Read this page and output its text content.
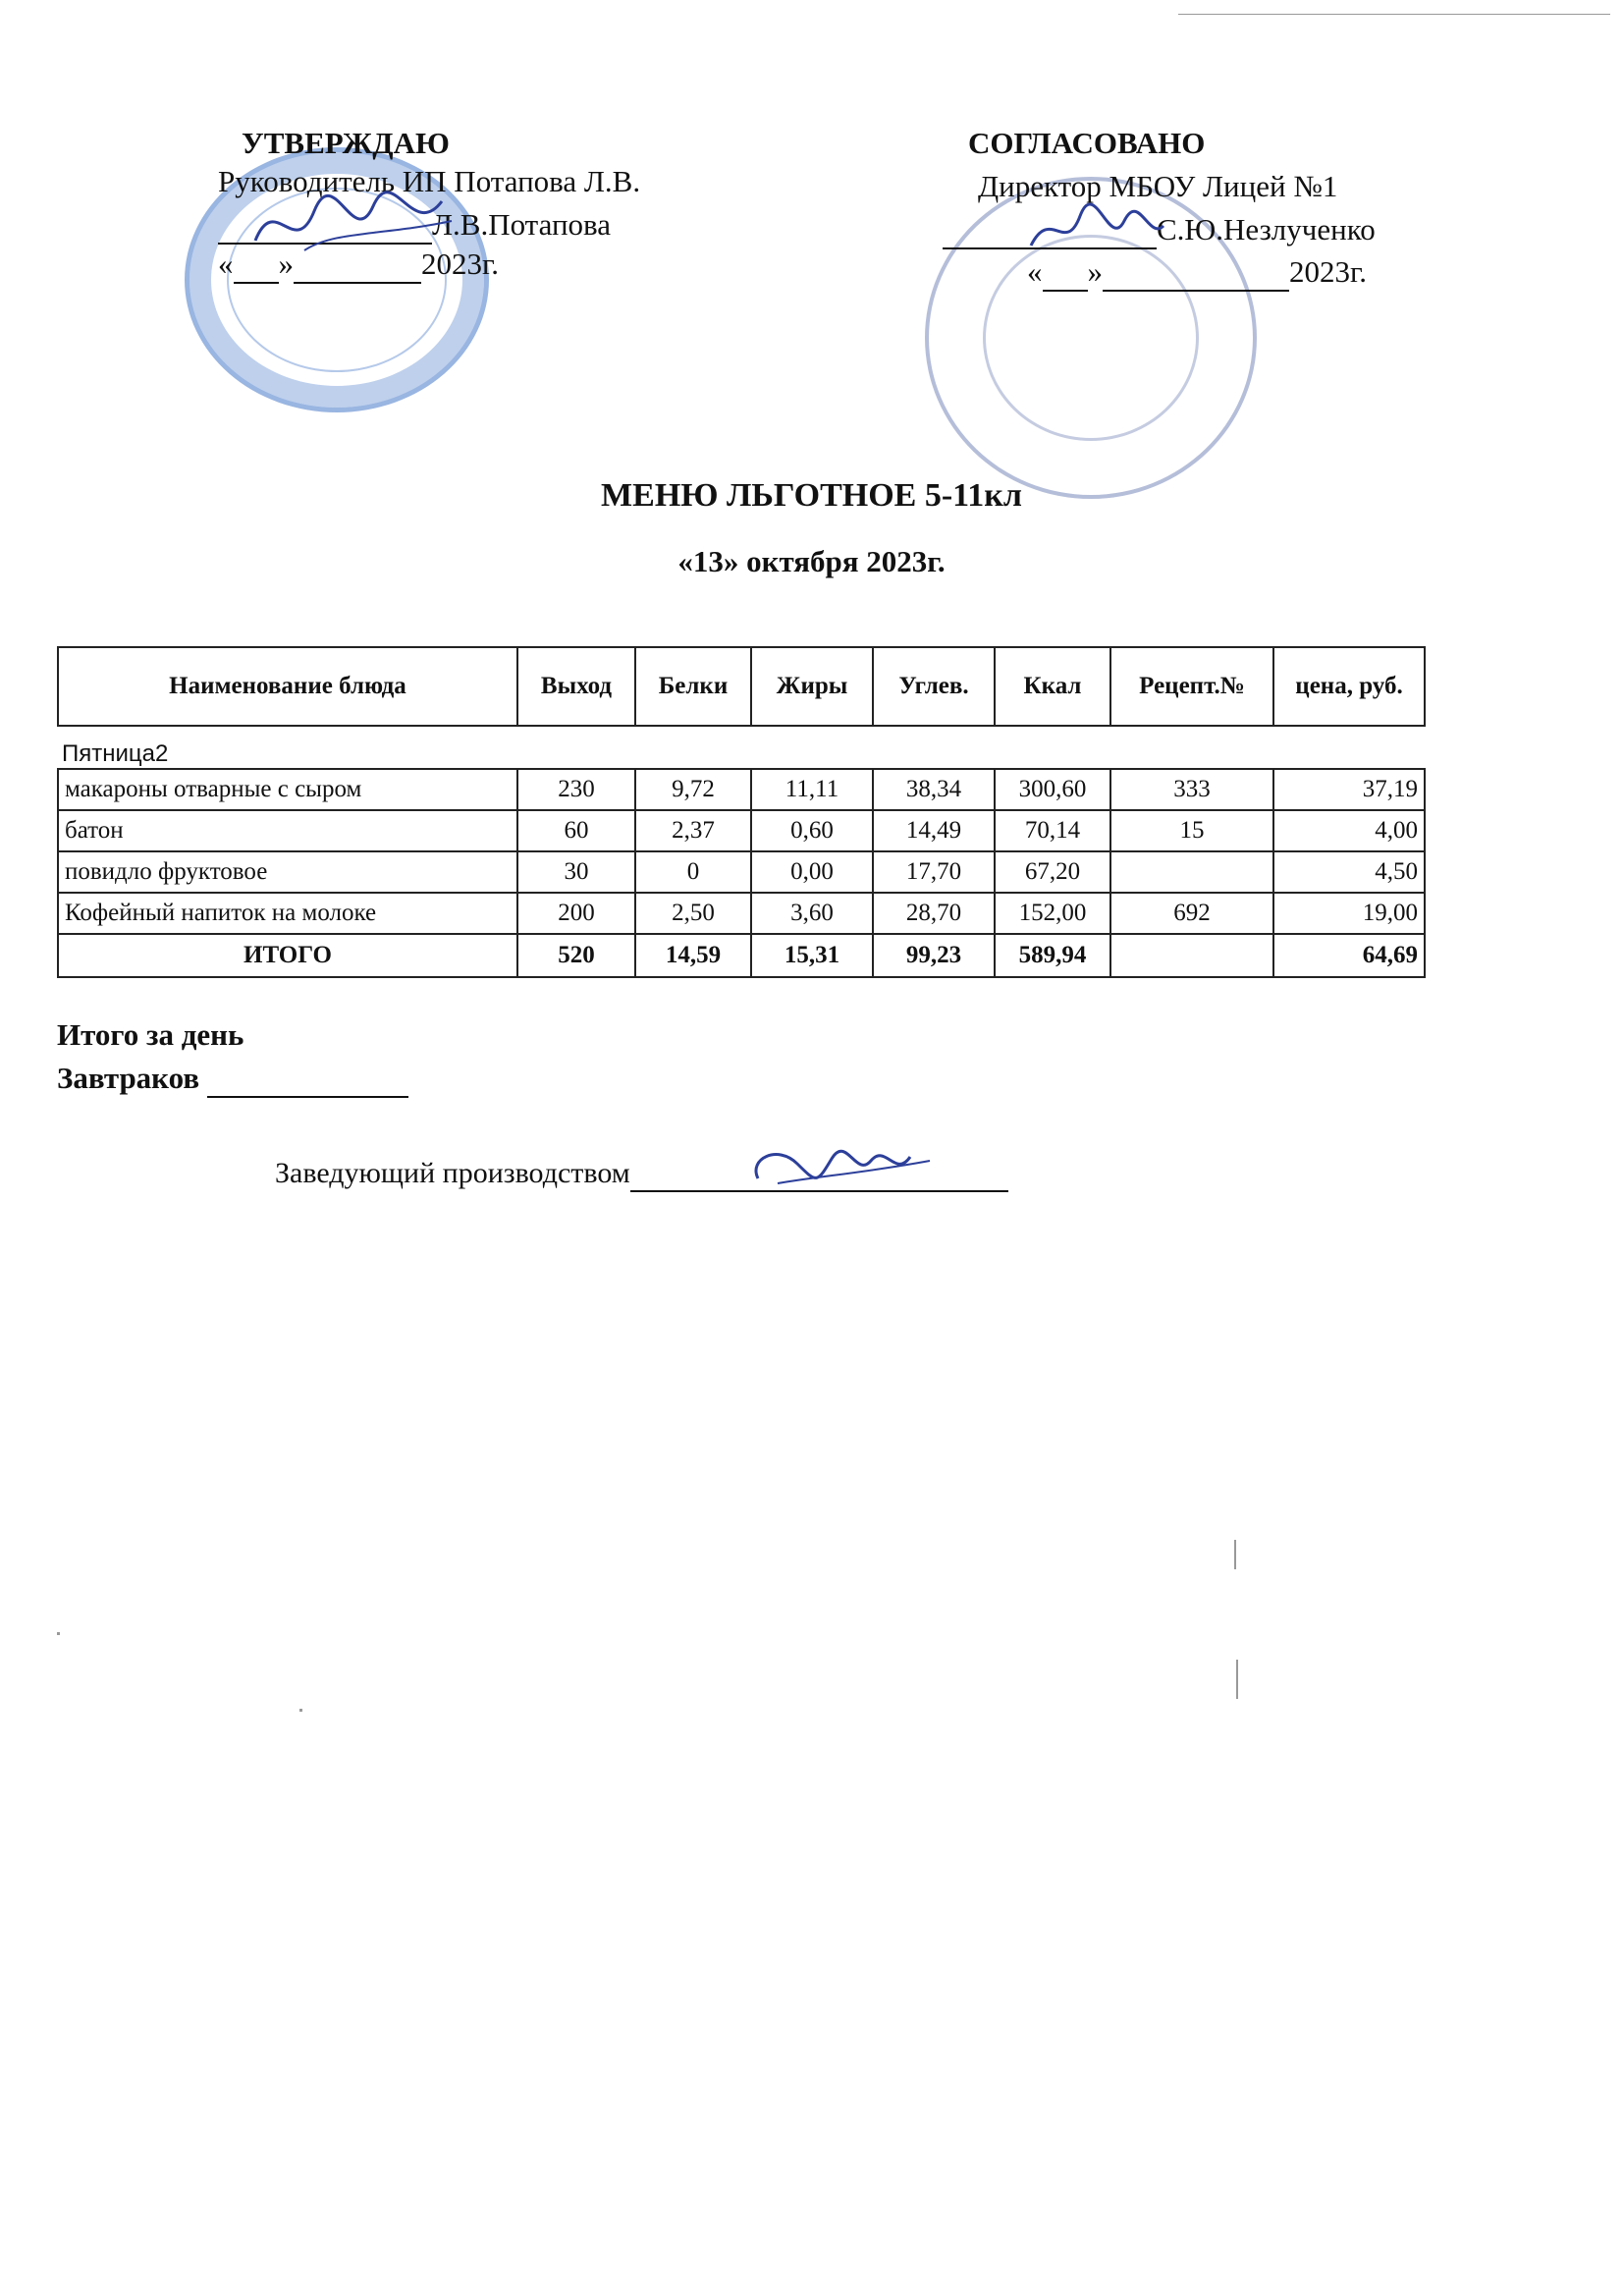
УТВЕРЖДАЮ
Руководитель ИП Потапова Л.В.
Л.В.Потапова
« »	2023г.
СОГЛАСОВАНО
Директор МБОУ Лицей №1
С.Ю.Незлученко
« »	2023г.
МЕНЮ ЛЬГОТНОЕ 5-11кл
«13» октября 2023г.
Наименование блюда	Выход	Белки	Жиры	Углев.	Ккал	Рецепт.№	цена, руб.
Пятница2							
макароны отварные с сыром	230	9,72	11,11	38,34	300,60	333	37,19
батон	60	2,37	0,60	14,49	70,14	15	4,00
повидло фруктовое	30	0	0,00	17,70	67,20		4,50
Кофейный напиток на молоке	200	2,50	3,60	28,70	152,00	692	19,00
ИТОГО	520	14,59	15,31	99,23	589,94		64,69
Итого за день
Завтраков
Заведующий производством
